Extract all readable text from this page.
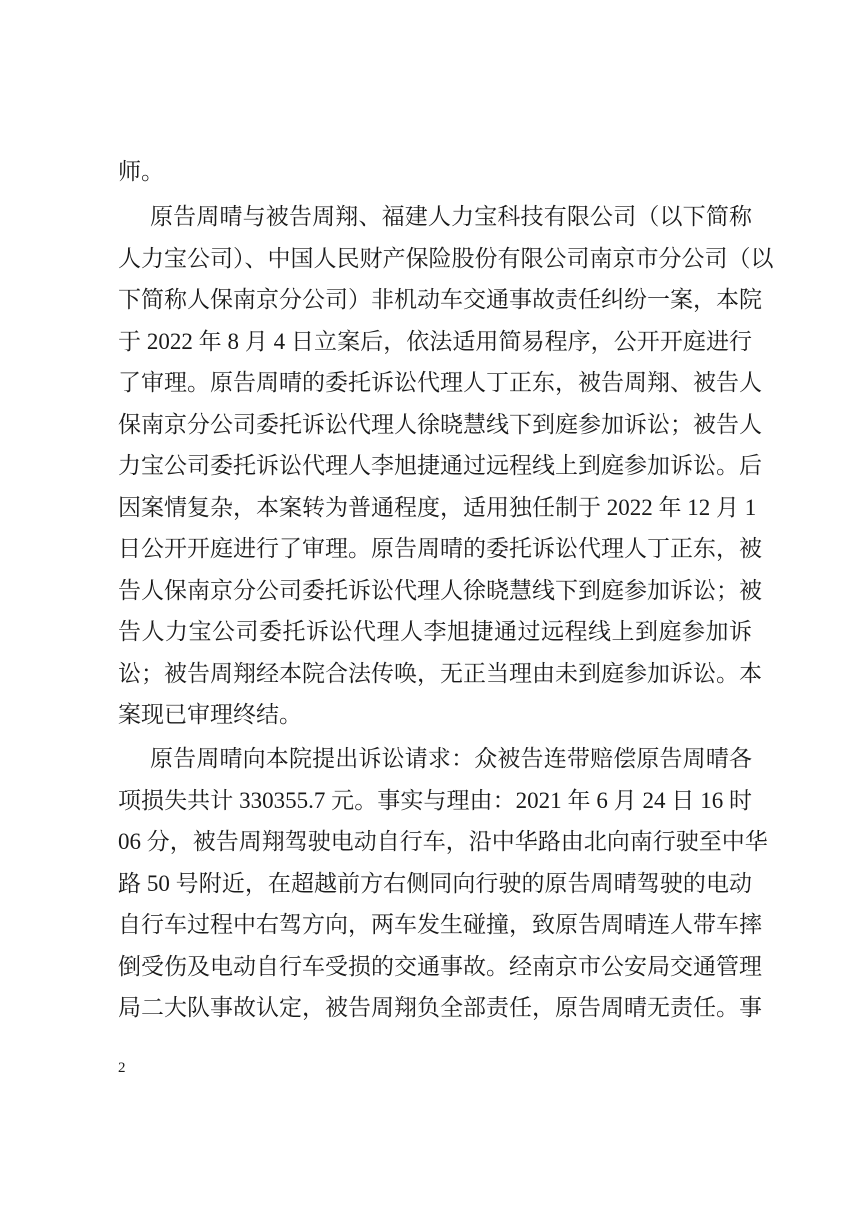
师。
原告周晴与被告周翔、福建人力宝科技有限公司（以下简称
人力宝公司）、中国人民财产保险股份有限公司南京市分公司（以
下简称人保南京分公司）非机动车交通事故责任纠纷一案，本院
于 2022 年 8 月 4 日立案后，依法适用简易程序，公开开庭进行
了审理。原告周晴的委托诉讼代理人丁正东，被告周翔、被告人
保南京分公司委托诉讼代理人徐晓慧线下到庭参加诉讼；被告人
力宝公司委托诉讼代理人李旭捷通过远程线上到庭参加诉讼。后
因案情复杂，本案转为普通程度，适用独任制于 2022 年 12 月 1
日公开开庭进行了审理。原告周晴的委托诉讼代理人丁正东，被
告人保南京分公司委托诉讼代理人徐晓慧线下到庭参加诉讼；被
告人力宝公司委托诉讼代理人李旭捷通过远程线上到庭参加诉
讼；被告周翔经本院合法传唤，无正当理由未到庭参加诉讼。本
案现已审理终结。
原告周晴向本院提出诉讼请求：众被告连带赔偿原告周晴各
项损失共计 330355.7 元。事实与理由：2021 年 6 月 24 日 16 时
06 分，被告周翔驾驶电动自行车，沿中华路由北向南行驶至中华
路 50 号附近，在超越前方右侧同向行驶的原告周晴驾驶的电动
自行车过程中右驾方向，两车发生碰撞，致原告周晴连人带车摔
倒受伤及电动自行车受损的交通事故。经南京市公安局交通管理
局二大队事故认定，被告周翔负全部责任，原告周晴无责任。事
2
